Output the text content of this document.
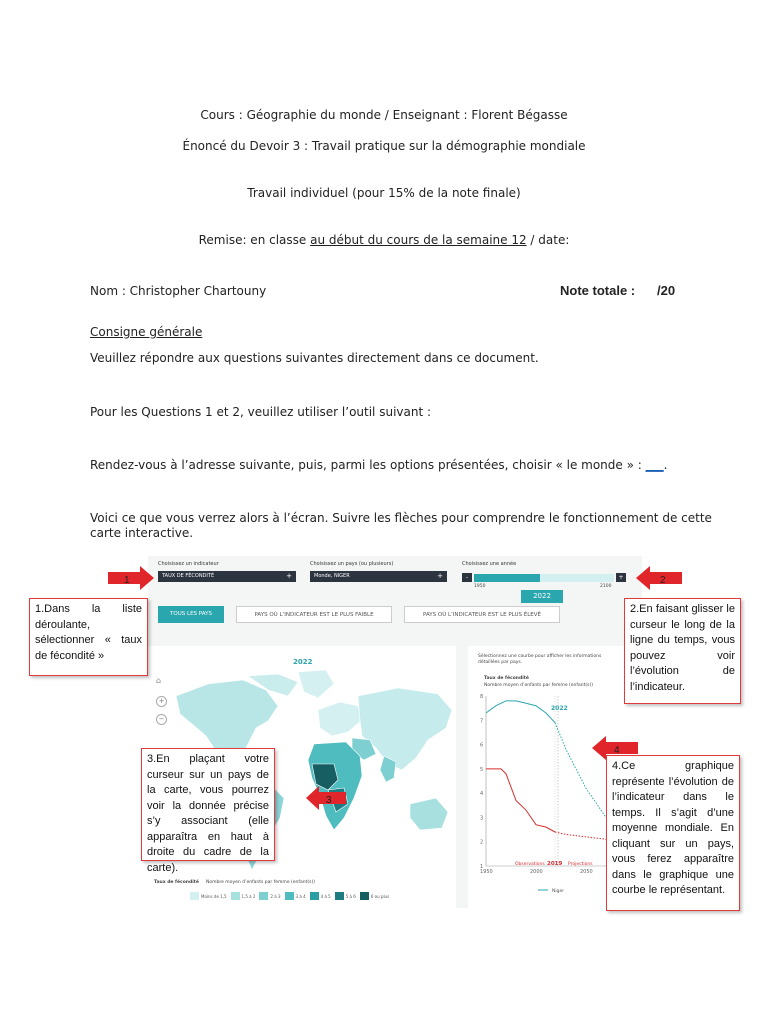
Cours : Géographie du monde / Enseignant : Florent Bégasse
Énoncé du Devoir 3 : Travail pratique sur la démographie mondiale
Travail individuel (pour 15% de la note finale)
Remise: en classe au début du cours de la semaine 12 / date:
Nom : Christopher Chartouny	Note totale : /20
Consigne générale
Veuillez répondre aux questions suivantes directement dans ce document.
Pour les Questions 1 et 2, veuillez utiliser l’outil suivant :
Rendez-vous à l’adresse suivante, puis, parmi les options présentées, choisir « le monde » : ___.
Voici ce que vous verrez alors à l’écran. Suivre les flèches pour comprendre le fonctionnement de cette
carte interactive.
Choisissez un indicateur
TAUX DE FÉCONDITÉ	+
Choisissez un pays (ou plusieurs)
Monde, NIGER	+
Choisissez une année
-	+
1950	2100
2022
TOUS LES PAYS	PAYS OÙ L’INDICATEUR EST LE PLUS FAIBLE	PAYS OÙ L’INDICATEUR EST LE PLUS ÉLEVÉ
2022
⌂
+
−
Taux de fécondité Nombre moyen d’enfants par femme (enfant(s))
Moins de 1,5	1,5 à 2	2 à 3	3 à 4	4 à 5	5 à 6	6 ou plus
Sélectionnez une courbe pour afficher les informations détaillées par pays.
Taux de fécondité
Nombre moyen d’enfants par femme (enfant(s))
1
2
3
4
5
6
7
8
1950	2000	2050
2022
2019
Observations	Projections
Niger
1.Dans la liste déroulante, sélectionner « taux de fécondité »
2.En faisant glisser le curseur le long de la ligne du temps, vous pouvez voir l’évolution de l’indicateur.
3.En plaçant votre curseur sur un pays de la carte, vous pourrez voir la donnée précise s’y associant (elle apparaîtra en haut à droite du cadre de la carte).
4.Ce graphique représente l’évolution de l’indicateur dans le temps. Il s’agit d’une moyenne mondiale. En cliquant sur un pays, vous ferez apparaître dans le graphique une courbe le représentant.
1	2
3
4
